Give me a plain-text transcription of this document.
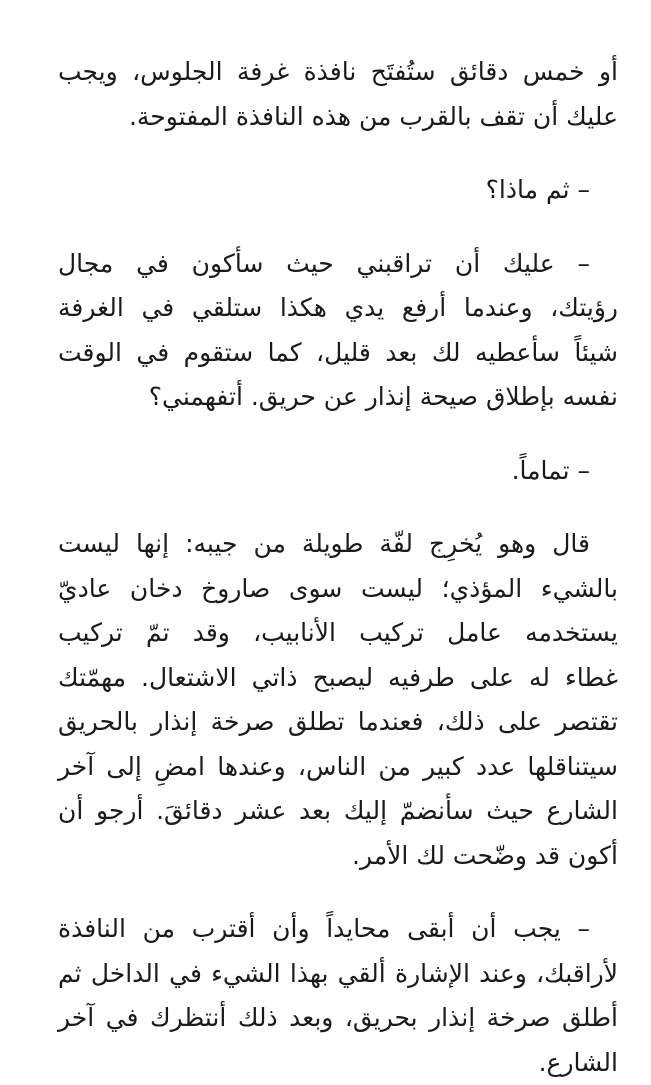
أو خمس دقائق ستُفتَح نافذة غرفة الجلوس، ويجب
عليك أن تقف بالقرب من هذه النافذة المفتوحة.

– ثم ماذا؟

– عليك أن تراقبني حيث سأكون في مجال
رؤيتك، وعندما أرفع يدي هكذا ستلقي في الغرفة
شيئاً سأعطيه لك بعد قليل، كما ستقوم في الوقت
نفسه بإطلاق صيحة إنذار عن حريق. أتفهمني؟

– تماماً.

قال وهو يُخرِج لفّة طويلة من جيبه: إنها ليست
بالشيء المؤذي؛ ليست سوى صاروخ دخان عاديّ
يستخدمه عامل تركيب الأنابيب، وقد تمّ تركيب
غطاء له على طرفيه ليصبح ذاتي الاشتعال. مهمّتك
تقتصر على ذلك، فعندما تطلق صرخة إنذار بالحريق
سيتناقلها عدد كبير من الناس، وعندها امضِ إلى آخر
الشارع حيث سأنضمّ إليك بعد عشر دقائقَ. أرجو أن
أكون قد وضّحت لك الأمر.

– يجب أن أبقى محايداً وأن أقترب من النافذة
لأراقبك، وعند الإشارة ألقي بهذا الشيء في الداخل ثم
أطلق صرخة إنذار بحريق، وبعد ذلك أنتظرك في آخر
الشارع.
